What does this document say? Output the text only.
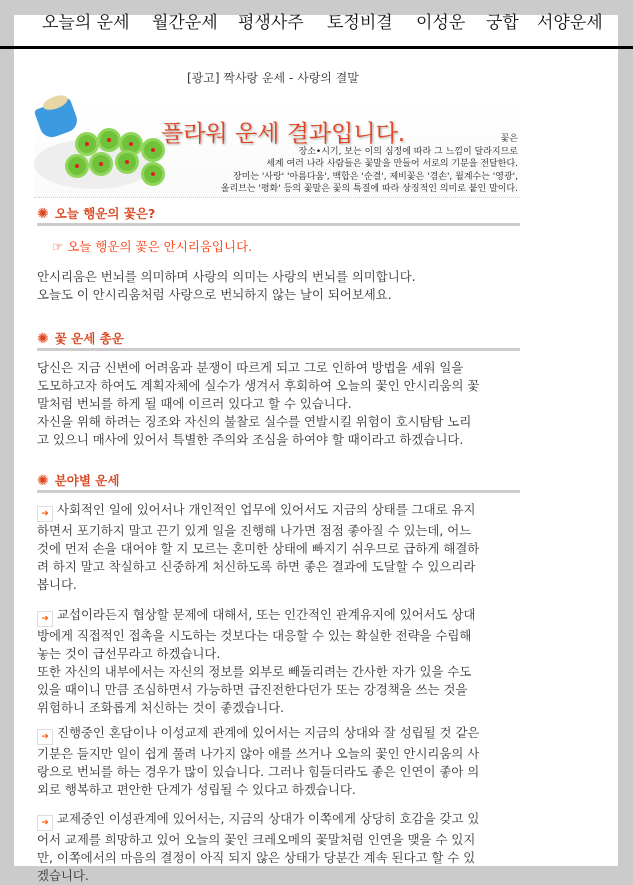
오늘의 운세 월간운세 평생사주 토정비결 이성운 궁합 서양운세
[광고] 짝사랑 운세 - 사랑의 결말
플라워 운세 결과입니다.	꽃은
장소•시기, 보는 이의 심정에 따라 그 느낌이 달라지므로
세계 여러 나라 사람들은 꽃말을 만들어 서로의 기분을 전달한다.
장미는 '사랑' '아름다움', 백합은 '순결', 제비꽃은 '겸손', 월계수는 '영광',
올리브는 '평화' 등의 꽃말은 꽃의 특질에 따라 상징적인 의미로 붙인 말이다.
✺ 오늘 행운의 꽃은?
☞ 오늘 행운의 꽃은 안시리움입니다.
안시리움은 번뇌를 의미하며 사랑의 의미는 사랑의 번뇌를 의미합니다.
오늘도 이 안시리움처럼 사랑으로 번뇌하지 않는 날이 되어보세요.
✺ 꽃 운세 총운
당신은 지금 신변에 어려움과 분쟁이 따르게 되고 그로 인하여 방법을 세워 일을
도모하고자 하여도 계획자체에 실수가 생겨서 후회하여 오늘의 꽃인 안시리움의 꽃
말처럼 번뇌를 하게 될 때에 이르러 있다고 할 수 있습니다.
자신을 위해 하려는 징조와 자신의 불찰로 실수를 연발시킬 위험이 호시탐탐 노리
고 있으니 매사에 있어서 특별한 주의와 조심을 하여야 할 때이라고 하겠습니다.
✺ 분야별 운세
➜ 사회적인 일에 있어서나 개인적인 업무에 있어서도 지금의 상태를 그대로 유지
하면서 포기하지 말고 끈기 있게 일을 진행해 나가면 점점 좋아질 수 있는데, 어느
것에 먼저 손을 대어야 할 지 모르는 혼미한 상태에 빠지기 쉬우므로 급하게 해결하
려 하지 말고 착실하고 신중하게 처신하도록 하면 좋은 결과에 도달할 수 있으리라
봅니다.
➜ 교섭이라든지 협상할 문제에 대해서, 또는 인간적인 관계유지에 있어서도 상대
방에게 직접적인 접촉을 시도하는 것보다는 대응할 수 있는 확실한 전략을 수립해
놓는 것이 급선무라고 하겠습니다.
또한 자신의 내부에서는 자신의 정보를 외부로 빼돌리려는 간사한 자가 있을 수도
있을 때이니 만큼 조심하면서 가능하면 급진전한다던가 또는 강경책을 쓰는 것을
위험하니 조화롭게 처신하는 것이 좋겠습니다.
➜ 진행중인 혼담이나 이성교제 관계에 있어서는 지금의 상대와 잘 성립될 것 같은
기분은 들지만 일이 쉽게 풀려 나가지 않아 애를 쓰거나 오늘의 꽃인 안시리움의 사
랑으로 번뇌를 하는 경우가 많이 있습니다. 그러나 힘들더라도 좋은 인연이 좋아 의
외로 행복하고 편안한 단계가 성립될 수 있다고 하겠습니다.
➜ 교제중인 이성관계에 있어서는, 지금의 상대가 이쪽에게 상당히 호감을 갖고 있
어서 교제를 희망하고 있어 오늘의 꽃인 크레오메의 꽃말처럼 인연을 맺을 수 있지
만, 이쪽에서의 마음의 결정이 아직 되지 않은 상태가 당분간 계속 된다고 할 수 있
겠습니다.
